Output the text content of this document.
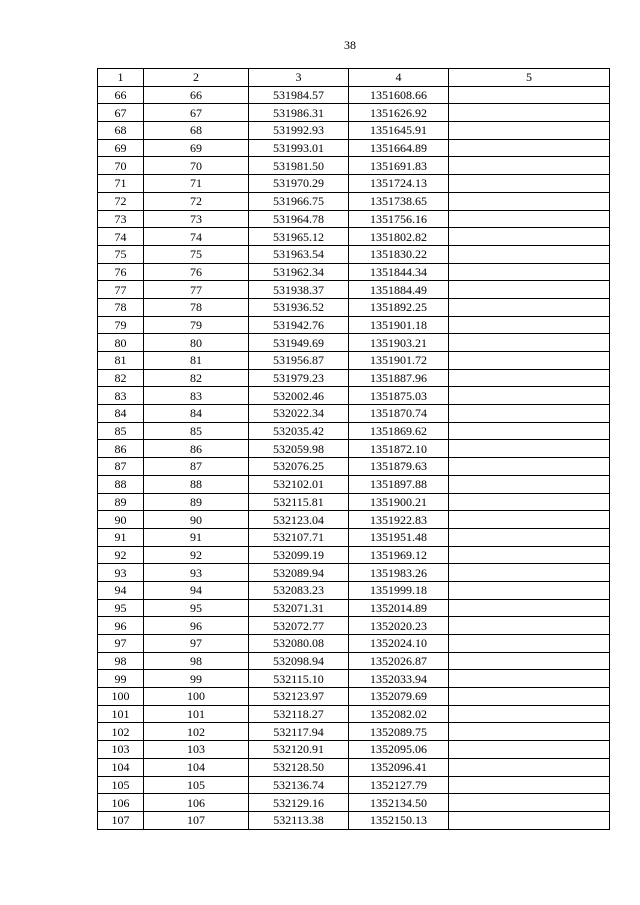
38
1	2	3	4	5
66	66	531984.57	1351608.66	
67	67	531986.31	1351626.92	
68	68	531992.93	1351645.91	
69	69	531993.01	1351664.89	
70	70	531981.50	1351691.83	
71	71	531970.29	1351724.13	
72	72	531966.75	1351738.65	
73	73	531964.78	1351756.16	
74	74	531965.12	1351802.82	
75	75	531963.54	1351830.22	
76	76	531962.34	1351844.34	
77	77	531938.37	1351884.49	
78	78	531936.52	1351892.25	
79	79	531942.76	1351901.18	
80	80	531949.69	1351903.21	
81	81	531956.87	1351901.72	
82	82	531979.23	1351887.96	
83	83	532002.46	1351875.03	
84	84	532022.34	1351870.74	
85	85	532035.42	1351869.62	
86	86	532059.98	1351872.10	
87	87	532076.25	1351879.63	
88	88	532102.01	1351897.88	
89	89	532115.81	1351900.21	
90	90	532123.04	1351922.83	
91	91	532107.71	1351951.48	
92	92	532099.19	1351969.12	
93	93	532089.94	1351983.26	
94	94	532083.23	1351999.18	
95	95	532071.31	1352014.89	
96	96	532072.77	1352020.23	
97	97	532080.08	1352024.10	
98	98	532098.94	1352026.87	
99	99	532115.10	1352033.94	
100	100	532123.97	1352079.69	
101	101	532118.27	1352082.02	
102	102	532117.94	1352089.75	
103	103	532120.91	1352095.06	
104	104	532128.50	1352096.41	
105	105	532136.74	1352127.79	
106	106	532129.16	1352134.50	
107	107	532113.38	1352150.13	
